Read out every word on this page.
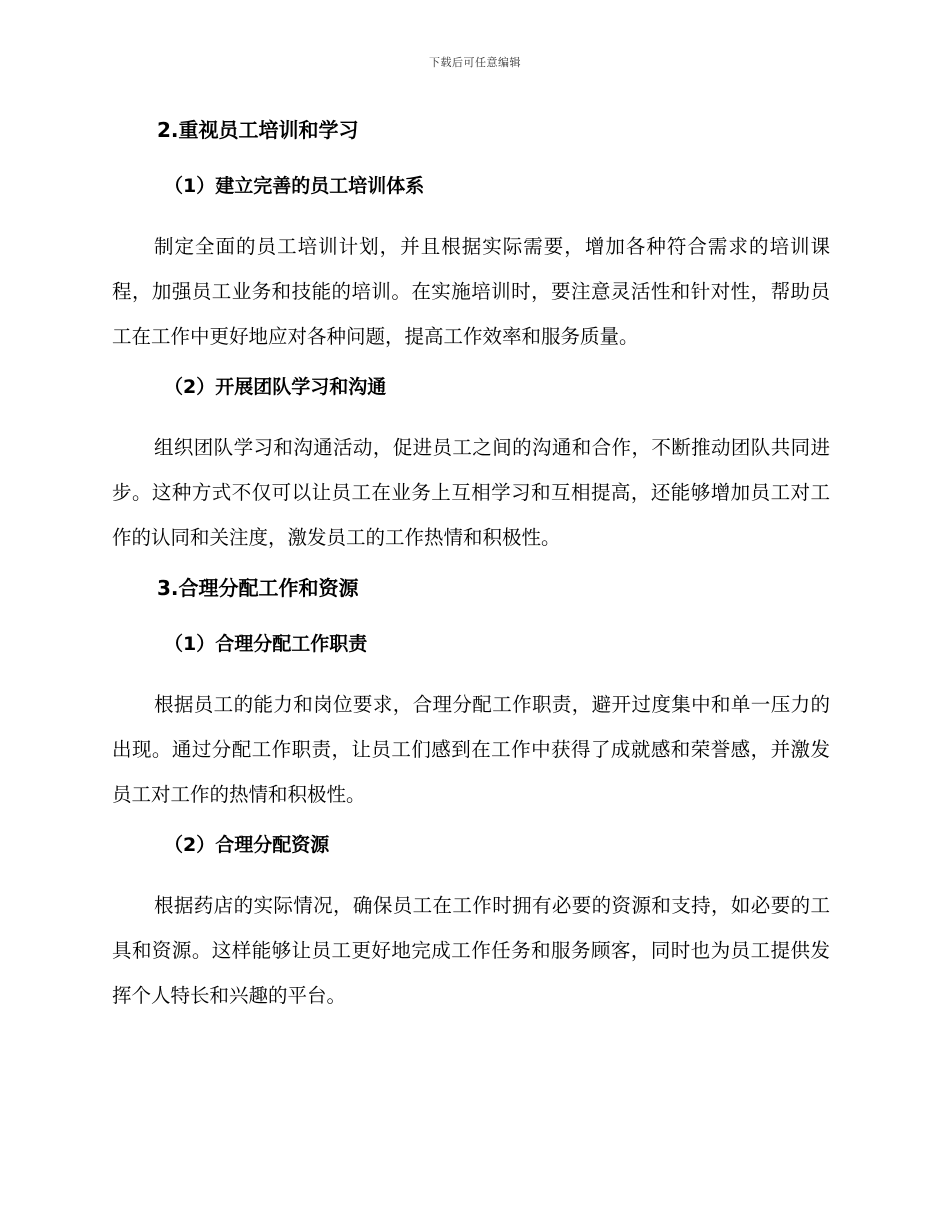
下载后可任意编辑
2.重视员工培训和学习
（1）建立完善的员工培训体系

制定全面的员工培训计划，并且根据实际需要，增加各种符合需求的培训课程，加强员工业务和技能的培训。在实施培训时，要注意灵活性和针对性，帮助员工在工作中更好地应对各种问题，提高工作效率和服务质量。

（2）开展团队学习和沟通

组织团队学习和沟通活动，促进员工之间的沟通和合作，不断推动团队共同进步。这种方式不仅可以让员工在业务上互相学习和互相提高，还能够增加员工对工作的认同和关注度，激发员工的工作热情和积极性。

3.合理分配工作和资源
（1）合理分配工作职责

根据员工的能力和岗位要求，合理分配工作职责，避开过度集中和单一压力的出现。通过分配工作职责，让员工们感到在工作中获得了成就感和荣誉感，并激发员工对工作的热情和积极性。

（2）合理分配资源

根据药店的实际情况，确保员工在工作时拥有必要的资源和支持，如必要的工具和资源。这样能够让员工更好地完成工作任务和服务顾客，同时也为员工提供发挥个人特长和兴趣的平台。
